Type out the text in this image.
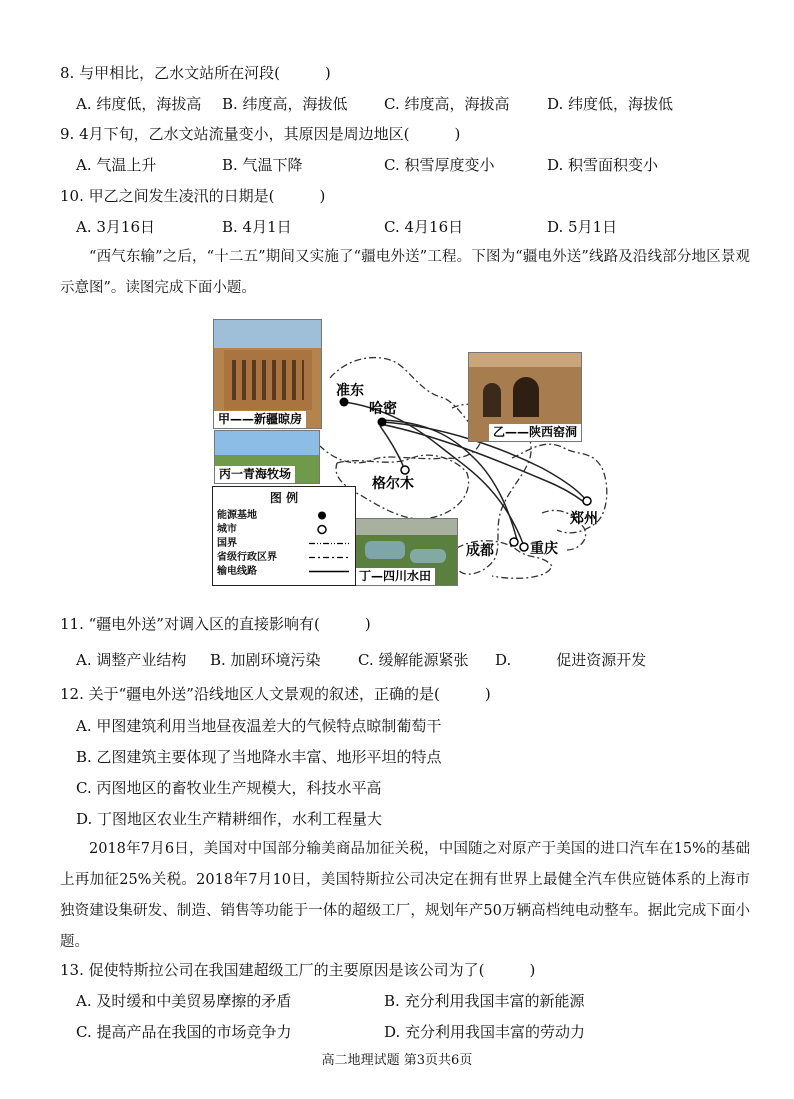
8. 与甲相比，乙水文站所在河段(　　　)
A. 纬度低，海拔高 B. 纬度高，海拔低 C. 纬度高，海拔高	D. 纬度低，海拔低
9. 4月下旬，乙水文站流量变小，其原因是周边地区(　　　)
A. 气温上升	B. 气温下降	C. 积雪厚度变小	D. 积雪面积变小
10. 甲乙之间发生凌汛的日期是(　　　)
A. 3月16日	B. 4月1日	C. 4月16日	D. 5月1日
“西气东输”之后，“十二五”期间又实施了“疆电外送”工程。下图为“疆电外送”线路及沿线部分地区景观示意图”。读图完成下面小题。
甲——新疆晾房
乙——陕西窑洞
丙一青海牧场
丁—四川水田
准东
哈密
格尔木
郑州
成都	重庆
图 例
能源基地
城市
国界
省级行政区界
输电线路
11. “疆电外送”对调入区的直接影响有(　　　)
A. 调整产业结构 B. 加剧环境污染 C. 缓解能源紧张 D.　　　促进资源开发
12. 关于“疆电外送”沿线地区人文景观的叙述，正确的是(　　　)
A. 甲图建筑利用当地昼夜温差大的气候特点晾制葡萄干
B. 乙图建筑主要体现了当地降水丰富、地形平坦的特点
C. 丙图地区的畜牧业生产规模大，科技水平高
D. 丁图地区农业生产精耕细作，水利工程量大
2018年7月6日，美国对中国部分输美商品加征关税，中国随之对原产于美国的进口汽车在15%的基础上再加征25%关税。2018年7月10日，美国特斯拉公司决定在拥有世界上最健全汽车供应链体系的上海市独资建设集研发、制造、销售等功能于一体的超级工厂，规划年产50万辆高档纯电动整车。据此完成下面小题。
13. 促使特斯拉公司在我国建超级工厂的主要原因是该公司为了(　　　)
A. 及时缓和中美贸易摩擦的矛盾	B. 充分利用我国丰富的新能源
C. 提高产品在我国的市场竞争力	D. 充分利用我国丰富的劳动力
高二地理试题 第3页共6页
